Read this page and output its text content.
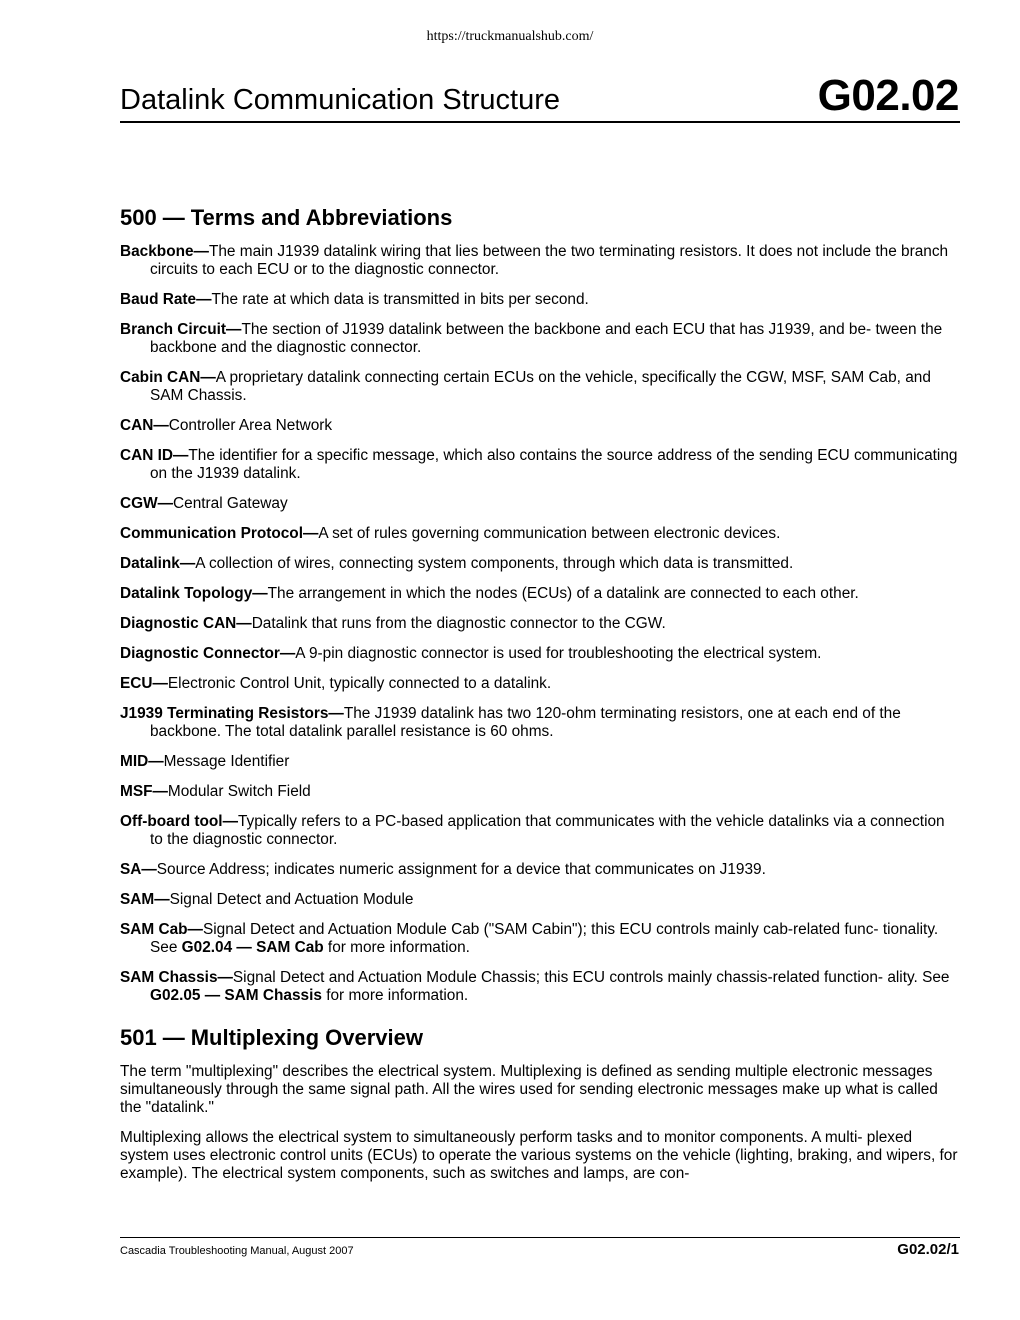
https://truckmanualshub.com/
Datalink Communication Structure	G02.02
500 — Terms and Abbreviations
Backbone—The main J1939 datalink wiring that lies between the two terminating resistors. It does not include the branch circuits to each ECU or to the diagnostic connector.
Baud Rate—The rate at which data is transmitted in bits per second.
Branch Circuit—The section of J1939 datalink between the backbone and each ECU that has J1939, and be- tween the backbone and the diagnostic connector.
Cabin CAN—A proprietary datalink connecting certain ECUs on the vehicle, specifically the CGW, MSF, SAM Cab, and SAM Chassis.
CAN—Controller Area Network
CAN ID—The identifier for a specific message, which also contains the source address of the sending ECU communicating on the J1939 datalink.
CGW—Central Gateway
Communication Protocol—A set of rules governing communication between electronic devices.
Datalink—A collection of wires, connecting system components, through which data is transmitted.
Datalink Topology—The arrangement in which the nodes (ECUs) of a datalink are connected to each other.
Diagnostic CAN—Datalink that runs from the diagnostic connector to the CGW.
Diagnostic Connector—A 9-pin diagnostic connector is used for troubleshooting the electrical system.
ECU—Electronic Control Unit, typically connected to a datalink.
J1939 Terminating Resistors—The J1939 datalink has two 120-ohm terminating resistors, one at each end of the backbone. The total datalink parallel resistance is 60 ohms.
MID—Message Identifier
MSF—Modular Switch Field
Off-board tool—Typically refers to a PC-based application that communicates with the vehicle datalinks via a connection to the diagnostic connector.
SA—Source Address; indicates numeric assignment for a device that communicates on J1939.
SAM—Signal Detect and Actuation Module
SAM Cab—Signal Detect and Actuation Module Cab ("SAM Cabin"); this ECU controls mainly cab-related func- tionality. See G02.04 — SAM Cab for more information.
SAM Chassis—Signal Detect and Actuation Module Chassis; this ECU controls mainly chassis-related function- ality. See G02.05 — SAM Chassis for more information.
501 — Multiplexing Overview

The term "multiplexing" describes the electrical system. Multiplexing is defined as sending multiple electronic messages simultaneously through the same signal path. All the wires used for sending electronic messages make up what is called the "datalink."

Multiplexing allows the electrical system to simultaneously perform tasks and to monitor components. A multi- plexed system uses electronic control units (ECUs) to operate the various systems on the vehicle (lighting, braking, and wipers, for example). The electrical system components, such as switches and lamps, are con-

Cascadia Troubleshooting Manual, August 2007	G02.02/1
